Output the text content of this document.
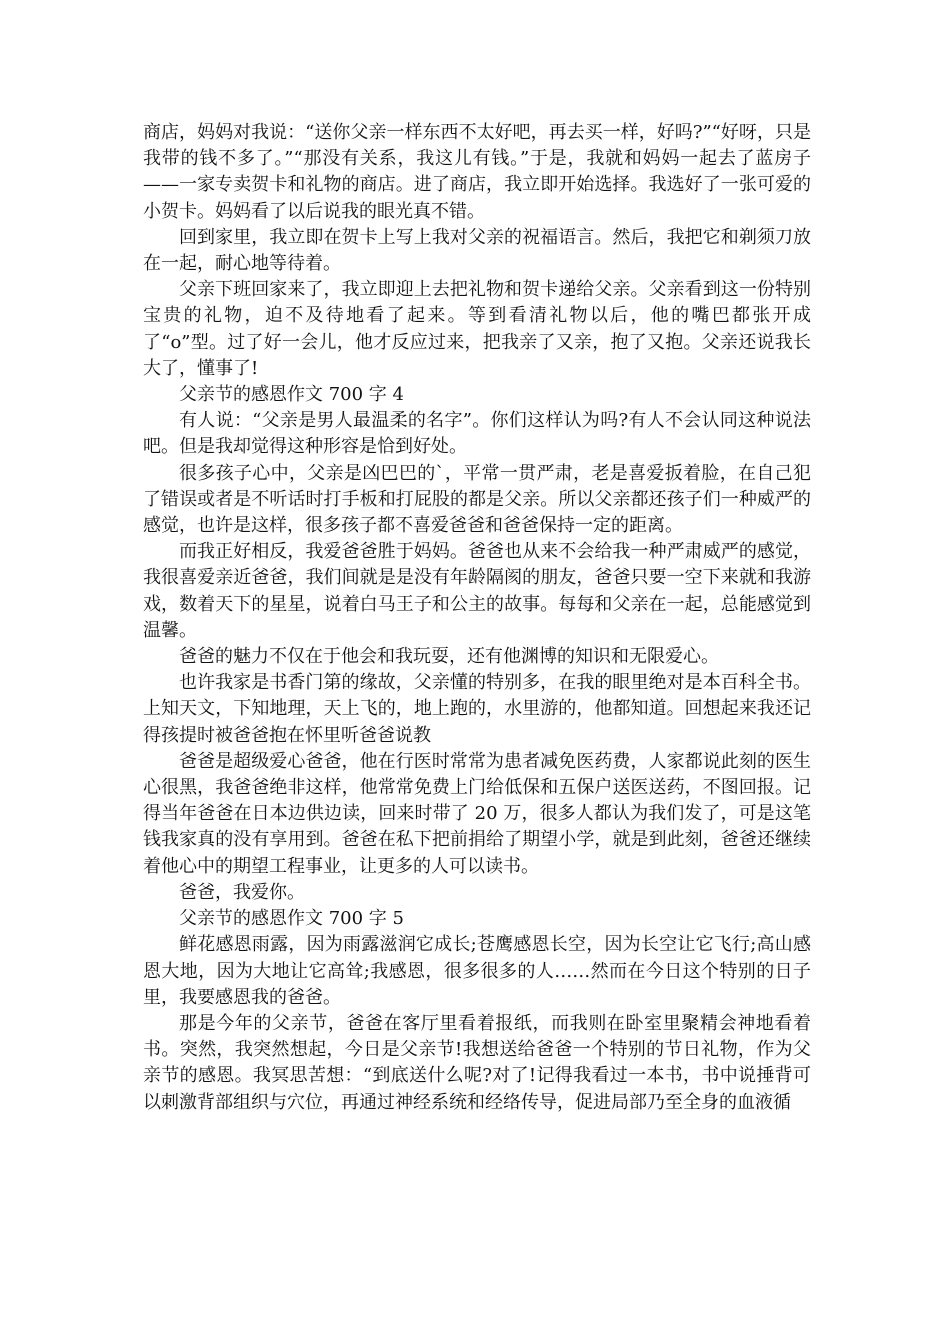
商店，妈妈对我说：“送你父亲一样东西不太好吧，再去买一样，好吗?”“好呀，只是我带的钱不多了。”“那没有关系，我这儿有钱。”于是，我就和妈妈一起去了蓝房子——一家专卖贺卡和礼物的商店。进了商店，我立即开始选择。我选好了一张可爱的小贺卡。妈妈看了以后说我的眼光真不错。

回到家里，我立即在贺卡上写上我对父亲的祝福语言。然后，我把它和剃须刀放在一起，耐心地等待着。

父亲下班回家来了，我立即迎上去把礼物和贺卡递给父亲。父亲看到这一份特别宝贵的礼物，迫不及待地看了起来。等到看清礼物以后，他的嘴巴都张开成了“o”型。过了好一会儿，他才反应过来，把我亲了又亲，抱了又抱。父亲还说我长大了，懂事了!

父亲节的感恩作文 700 字 4

有人说：“父亲是男人最温柔的名字”。你们这样认为吗?有人不会认同这种说法吧。但是我却觉得这种形容是恰到好处。

很多孩子心中，父亲是凶巴巴的`，平常一贯严肃，老是喜爱扳着脸，在自己犯了错误或者是不听话时打手板和打屁股的都是父亲。所以父亲都还孩子们一种威严的感觉，也许是这样，很多孩子都不喜爱爸爸和爸爸保持一定的距离。

而我正好相反，我爱爸爸胜于妈妈。爸爸也从来不会给我一种严肃威严的感觉，我很喜爱亲近爸爸，我们间就是是没有年龄隔阂的朋友，爸爸只要一空下来就和我游戏，数着天下的星星，说着白马王子和公主的故事。每每和父亲在一起，总能感觉到温馨。

爸爸的魅力不仅在于他会和我玩耍，还有他渊博的知识和无限爱心。

也许我家是书香门第的缘故，父亲懂的特别多，在我的眼里绝对是本百科全书。上知天文，下知地理，天上飞的，地上跑的，水里游的，他都知道。回想起来我还记得孩提时被爸爸抱在怀里听爸爸说教

爸爸是超级爱心爸爸，他在行医时常常为患者减免医药费，人家都说此刻的医生心很黑，我爸爸绝非这样，他常常免费上门给低保和五保户送医送药，不图回报。记得当年爸爸在日本边供边读，回来时带了 20 万，很多人都认为我们发了，可是这笔钱我家真的没有享用到。爸爸在私下把前捐给了期望小学，就是到此刻，爸爸还继续着他心中的期望工程事业，让更多的人可以读书。

爸爸，我爱你。

父亲节的感恩作文 700 字 5

鲜花感恩雨露，因为雨露滋润它成长;苍鹰感恩长空，因为长空让它飞行;高山感恩大地，因为大地让它高耸;我感恩，很多很多的人……然而在今日这个特别的日子里，我要感恩我的爸爸。

那是今年的父亲节，爸爸在客厅里看着报纸，而我则在卧室里聚精会神地看着书。突然，我突然想起，今日是父亲节!我想送给爸爸一个特别的节日礼物，作为父亲节的感恩。我冥思苦想：“到底送什么呢?对了!记得我看过一本书，书中说捶背可以刺激背部组织与穴位，再通过神经系统和经络传导，促进局部乃至全身的血液循
